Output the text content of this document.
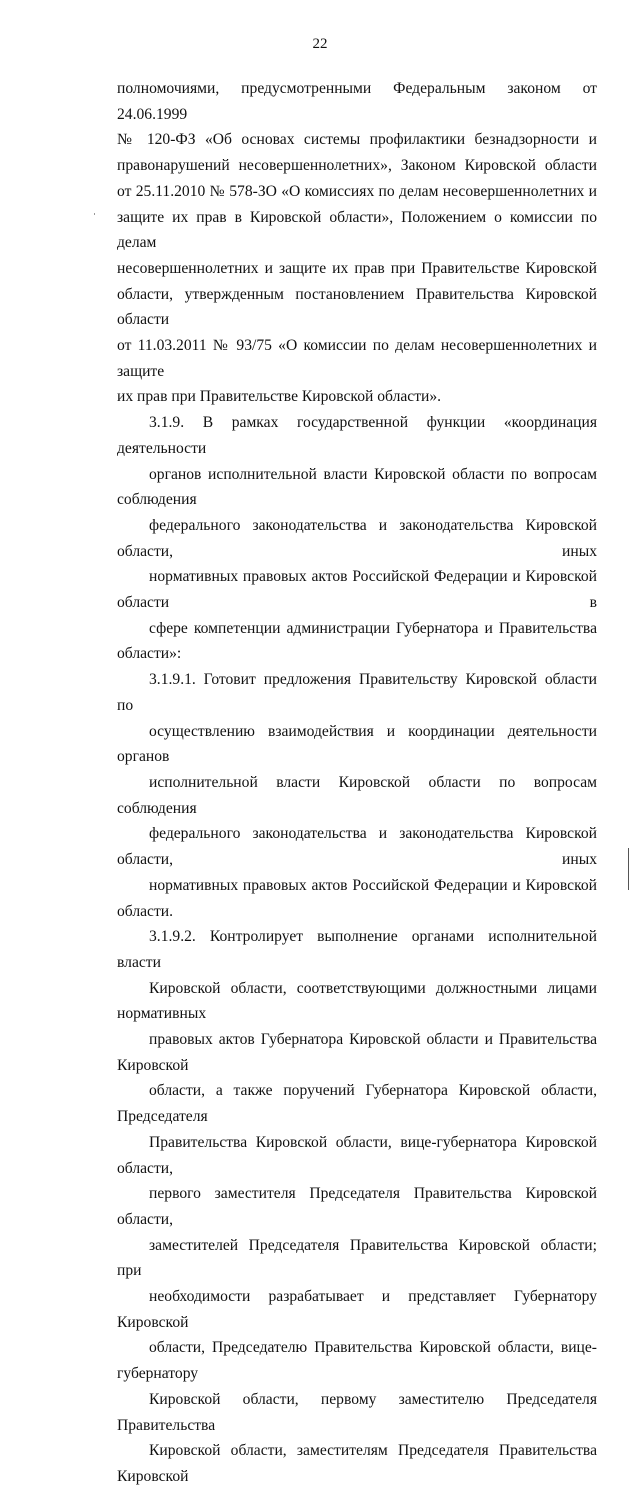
22
полномочиями, предусмотренными Федеральным законом от 24.06.1999
№ 120-ФЗ «Об основах системы профилактики безнадзорности и
правонарушений несовершеннолетних», Законом Кировской области
от 25.11.2010 № 578-ЗО «О комиссиях по делам несовершеннолетних и
защите их прав в Кировской области», Положением о комиссии по делам
несовершеннолетних и защите их прав при Правительстве Кировской
области, утвержденным постановлением Правительства Кировской области
от 11.03.2011 № 93/75 «О комиссии по делам несовершеннолетних и защите
их прав при Правительстве Кировской области».
3.1.9. В рамках государственной функции «координация деятельности
органов исполнительной власти Кировской области по вопросам соблюдения
федерального законодательства и законодательства Кировской области, иных
нормативных правовых актов Российской Федерации и Кировской области в
сфере компетенции администрации Губернатора и Правительства области»:
3.1.9.1. Готовит предложения Правительству Кировской области по
осуществлению взаимодействия и координации деятельности органов
исполнительной власти Кировской области по вопросам соблюдения
федерального законодательства и законодательства Кировской области, иных
нормативных правовых актов Российской Федерации и Кировской области.
3.1.9.2. Контролирует выполнение органами исполнительной власти
Кировской области, соответствующими должностными лицами нормативных
правовых актов Губернатора Кировской области и Правительства Кировской
области, а также поручений Губернатора Кировской области, Председателя
Правительства Кировской области, вице-губернатора Кировской области,
первого заместителя Председателя Правительства Кировской области,
заместителей Председателя Правительства Кировской области; при
необходимости разрабатывает и представляет Губернатору Кировской
области, Председателю Правительства Кировской области, вице-губернатору
Кировской области, первому заместителю Председателя Правительства
Кировской области, заместителям Председателя Правительства Кировской
